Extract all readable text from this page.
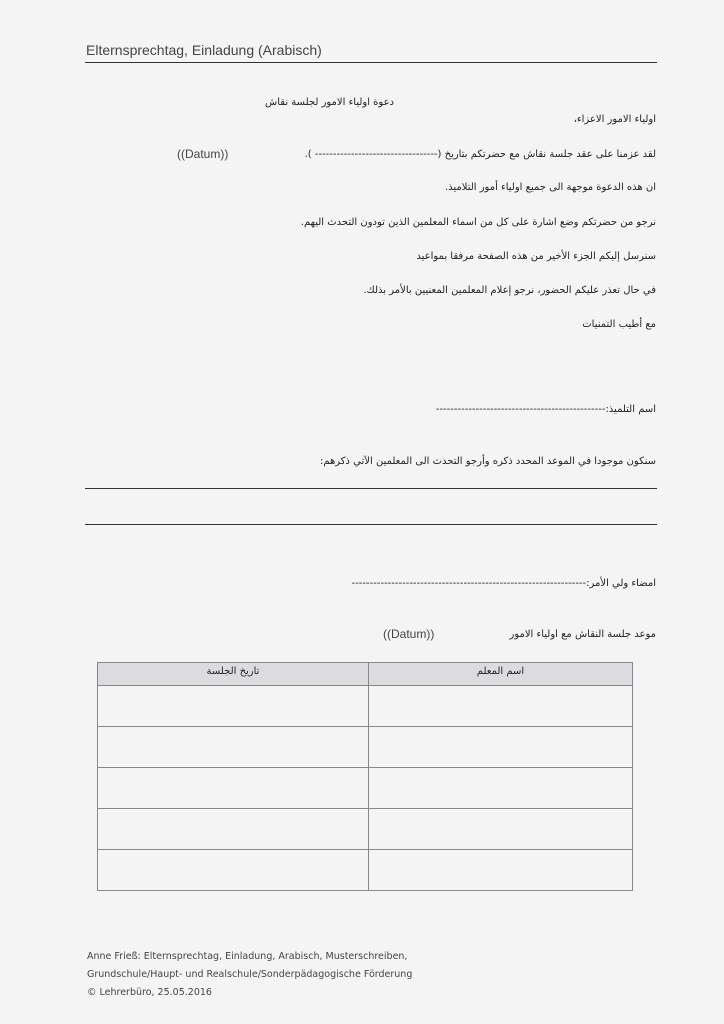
Elternsprechtag, Einladung (Arabisch)
دعوة اولياء الامور لجلسة نقاش
اولياء الامور الاعزاء،
لقد عزمنا على عقد جلسة نقاش مع حضرتكم بتاريخ (---------------------------------- ).
((Datum))
ان هذه الدعوة موجهة الى جميع اولياء أمور التلاميذ.
نرجو من حضرتكم وضع اشارة على كل من اسماء المعلمين الذين تودون التحدث اليهم.
سنرسل إليكم الجزء الأخير من هذه الصفحة مرفقا بمواعيد
في حال تعذر عليكم الحضور، نرجو إعلام المعلمين المعنيين بالأمر بذلك.
مع أطيب التمنيات
اسم التلميذ:-----------------------------------------------
سنكون موجودا في الموعد المحدد ذكره وأرجو التحدث الى المعلمين الآتي ذكرهم:
امضاء ولي الأمر:-----------------------------------------------------------------
موعد جلسة النقاش مع اولياء الامور
((Datum))
تاريخ الجلسة	اسم المعلم

Anne Frieß: Elternsprechtag, Einladung, Arabisch, Musterschreiben,
Grundschule/Haupt- und Realschule/Sonderpädagogische Förderung
© Lehrerbüro, 25.05.2016
